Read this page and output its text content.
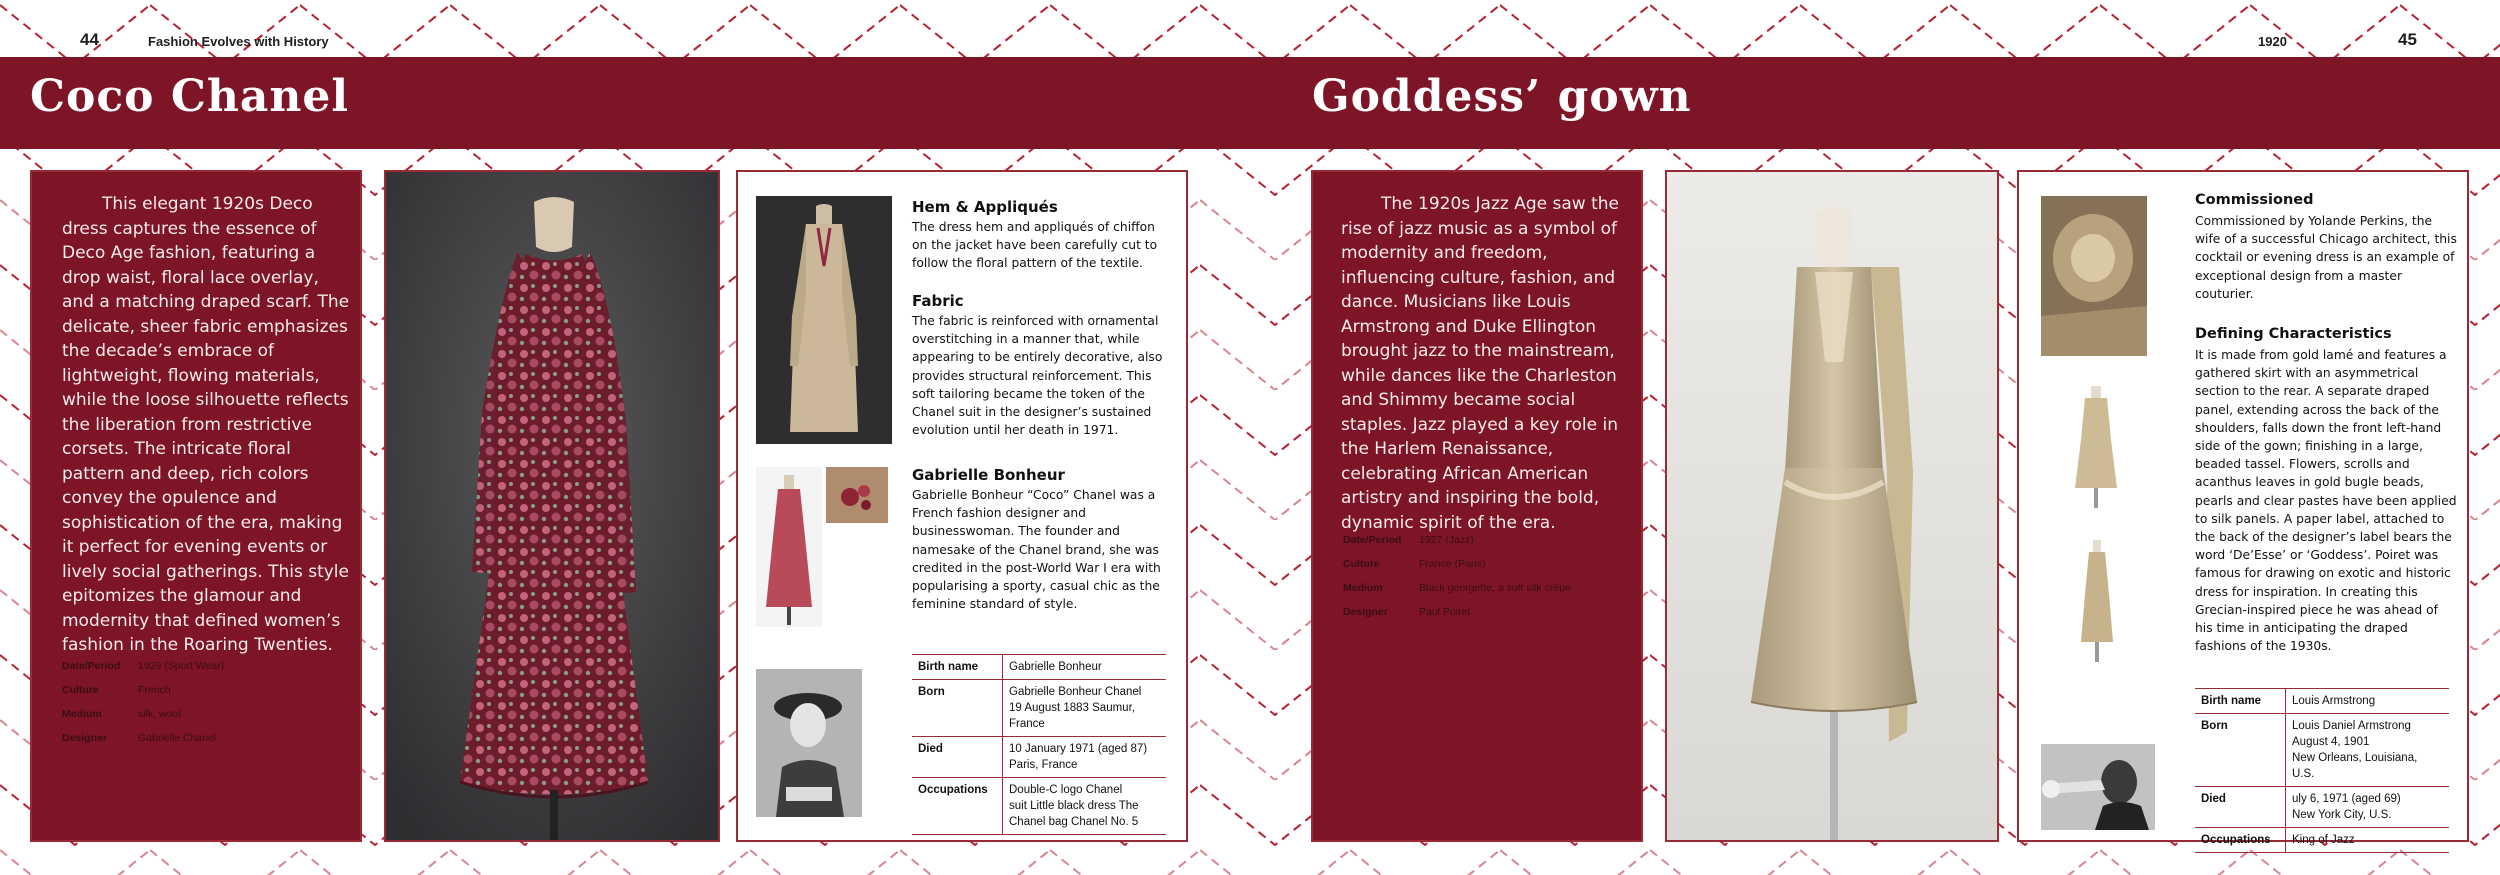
44	Fashion Evolves with History	1920	45
Coco Chanel	Goddess’ gown

This elegant 1920s Deco dress captures the essence of Deco Age fashion, featuring a drop waist, floral lace overlay, and a matching draped scarf. The delicate, sheer fabric emphasizes the decade’s embrace of lightweight, flowing materials, while the loose silhouette reflects the liberation from restrictive corsets. The intricate floral pattern and deep, rich colors convey the opulence and sophistication of the era, making it perfect for evening events or lively social gatherings. This style epitomizes the glamour and modernity that defined women’s fashion in the Roaring Twenties.

Date/Period 1929 (Sport Wear)
Culture	French
Medium	silk, wool
Designer	Gabrielle Chanel

Hem & Appliqués

The dress hem and appliqués of chiffon on the jacket have been carefully cut to follow the floral pattern of the textile.

Fabric

The fabric is reinforced with ornamental overstitching in a manner that, while appearing to be entirely decorative, also provides structural reinforcement. This soft tailoring became the token of the Chanel suit in the designer’s sustained evolution until her death in 1971.

Gabrielle Bonheur

Gabrielle Bonheur “Coco” Chanel was a French fashion designer and businesswoman. The founder and namesake of the Chanel brand, she was credited in the post-World War I era with popularising a sporty, casual chic as the feminine standard of style.

Birth name	Gabrielle Bonheur

Born	Gabrielle Bonheur Chanel
19 August 1883 Saumur,
France

Died	10 January 1971 (aged 87)
Paris, France

Occupations	Double-C logo Chanel
suit Little black dress The
Chanel bag Chanel No. 5

The 1920s Jazz Age saw the rise of jazz music as a symbol of modernity and freedom, influencing culture, fashion, and dance. Musicians like Louis Armstrong and Duke Ellington brought jazz to the mainstream, while dances like the Charleston and Shimmy became social staples. Jazz played a key role in the Harlem Renaissance, celebrating African American artistry and inspiring the bold, dynamic spirit of the era.

Date/Period 1927 (Jazz)
Culture	France (Paris)
Medium	Black georgette, a soft silk crêpe
Designer	Paul Poiret

Commissioned

Commissioned by Yolande Perkins, the wife of a successful Chicago architect, this cocktail or evening dress is an example of exceptional design from a master couturier.

Defining Characteristics

It is made from gold lamé and features a gathered skirt with an asymmetrical section to the rear. A separate draped panel, extending across the back of the shoulders, falls down the front left-hand side of the gown; finishing in a large, beaded tassel. Flowers, scrolls and acanthus leaves in gold bugle beads, pearls and clear pastes have been applied to silk panels. A paper label, attached to the back of the designer’s label bears the word ‘De’Esse’ or ‘Goddess’. Poiret was famous for drawing on exotic and historic dress for inspiration. In creating this Grecian-inspired piece he was ahead of his time in anticipating the draped fashions of the 1930s.

Birth name	Louis Armstrong

Born	Louis Daniel Armstrong
August 4, 1901
New Orleans, Louisiana,
U.S.

Died	uly 6, 1971 (aged 69)
New York City, U.S.

Occupations	King of Jazz
